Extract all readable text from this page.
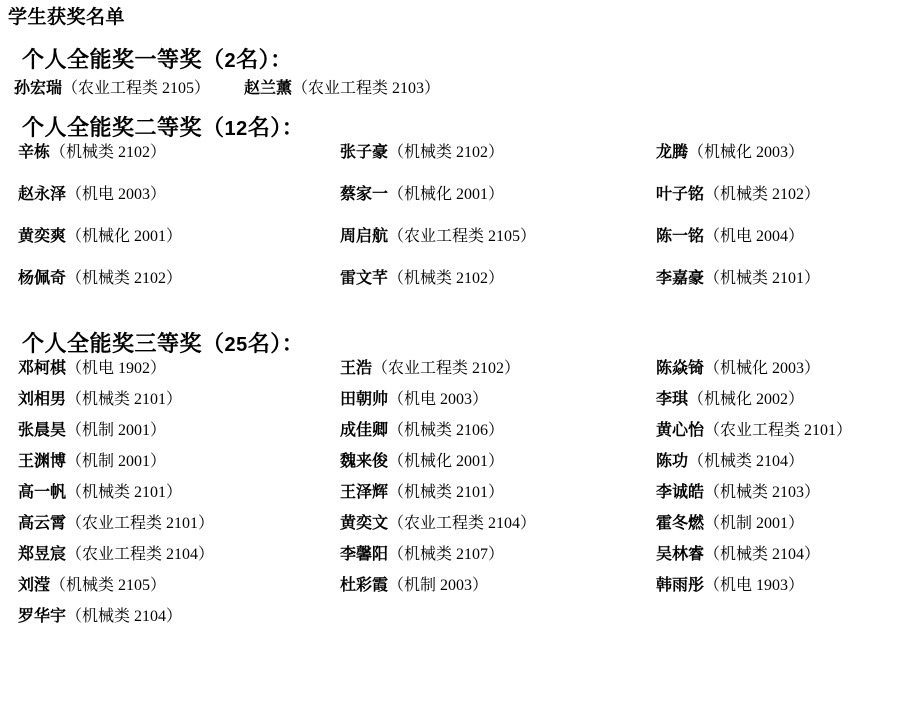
学生获奖名单
个人全能奖一等奖（2名）：
孙宏瑞（农业工程类 2105） 赵兰薰（农业工程类 2103）
个人全能奖二等奖（12名）：
辛栋（机械类 2102）	张子豪（机械类 2102）	龙腾（机械化 2003）
赵永泽（机电 2003）	蔡家一（机械化 2001）	叶子铭（机械类 2102）
黄奕爽（机械化 2001）	周启航（农业工程类 2105）	陈一铭（机电 2004）
杨佩奇（机械类 2102）	雷文芊（机械类 2102）	李嘉豪（机械类 2101）
个人全能奖三等奖（25名）：
邓柯棋（机电 1902）	王浩（农业工程类 2102）	陈焱锜（机械化 2003）
刘相男（机械类 2101）	田朝帅（机电 2003）	李琪（机械化 2002）
张晨昊（机制 2001）	成佳卿（机械类 2106）	黄心怡（农业工程类 2101）
王渊博（机制 2001）	魏来俊（机械化 2001）	陈功（机械类 2104）
高一帆（机械类 2101）	王泽辉（机械类 2101）	李诚皓（机械类 2103）
高云霄（农业工程类 2101）	黄奕文（农业工程类 2104）	霍冬燃（机制 2001）
郑昱宸（农业工程类 2104）	李馨阳（机械类 2107）	吴林睿（机械类 2104）
刘滢（机械类 2105）	杜彩霞（机制 2003）	韩雨彤（机电 1903）
罗华宇（机械类 2104）
